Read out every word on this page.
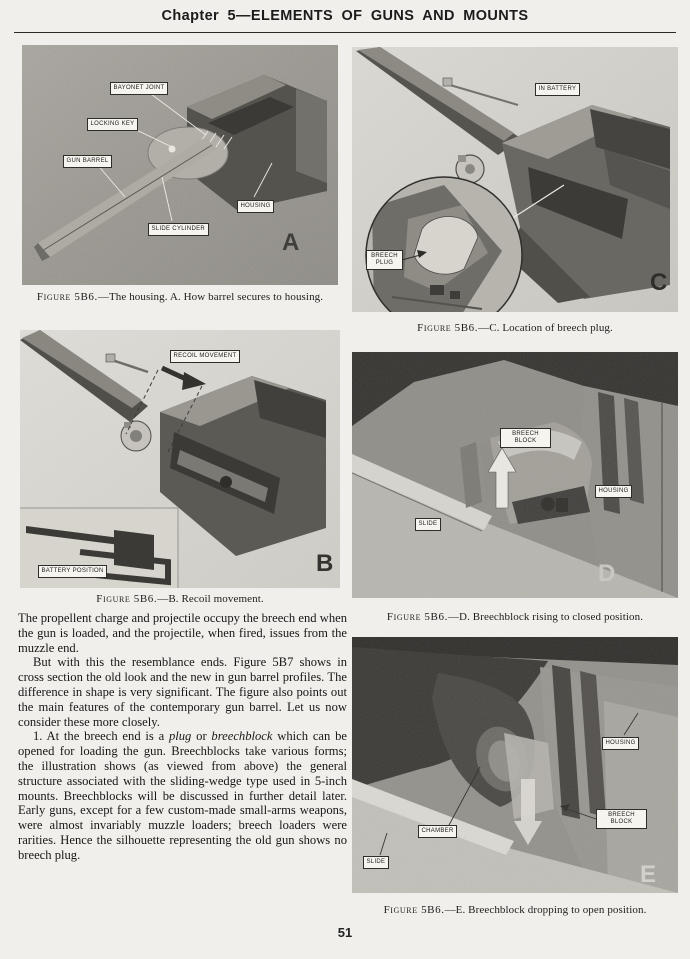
Chapter 5—ELEMENTS OF GUNS AND MOUNTS
BAYONET JOINT
LOCKING KEY
GUN BARREL
SLIDE CYLINDER
HOUSING
A
Figure 5B6.—The housing. A. How barrel secures to housing.
RECOIL MOVEMENT
BATTERY POSITION	B
Figure 5B6.—B. Recoil movement.
IN BATTERY
BREECH PLUG
C
Figure 5B6.—C. Location of breech plug.
BREECH BLOCK
HOUSING
SLIDE
D
Figure 5B6.—D. Breechblock rising to closed position.
HOUSING
BREECH BLOCK
CHAMBER
SLIDE	E
Figure 5B6.—E. Breechblock dropping to open position.

The propellent charge and projectile occupy the breech end when the gun is loaded, and the projectile, when fired, issues from the muzzle end.

But with this the resemblance ends. Figure 5B7 shows in cross section the old look and the new in gun barrel profiles. The difference in shape is very significant. The figure also points out the main features of the contemporary gun barrel. Let us now consider these more closely.

1. At the breech end is a plug or breechblock which can be opened for loading the gun. Breechblocks take various forms; the illustration shows (as viewed from above) the general structure associated with the sliding-wedge type used in 5-inch mounts. Breechblocks will be discussed in further detail later. Early guns, except for a few custom-made small-arms weapons, were almost invariably muzzle loaders; breech loaders were rarities. Hence the silhouette representing the old gun shows no breech plug.

51
